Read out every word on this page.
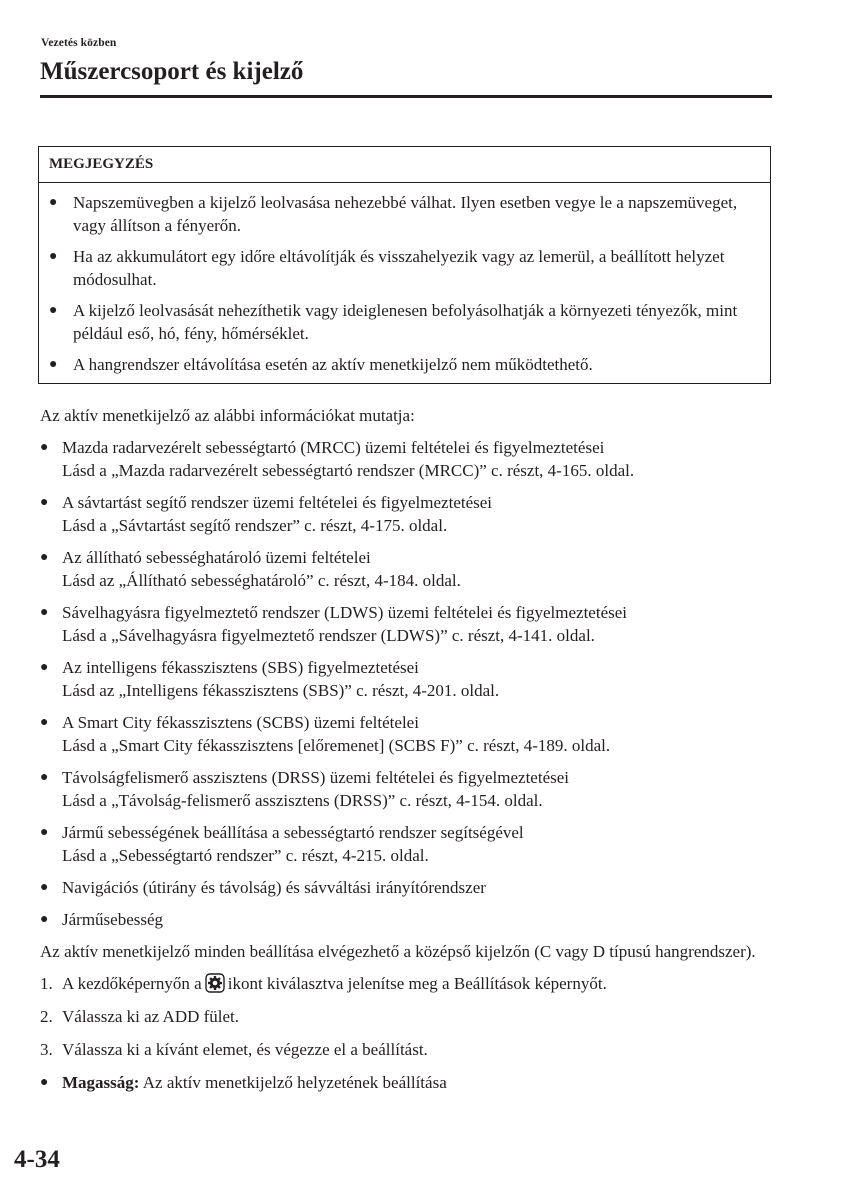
Vezetés közben
Műszercsoport és kijelző
MEGJEGYZÉS
● Napszemüvegben a kijelző leolvasása nehezebbé válhat. Ilyen esetben vegye le a napszemüveget, vagy állítson a fényerőn.
● Ha az akkumulátort egy időre eltávolítják és visszahelyezik vagy az lemerül, a beállított helyzet módosulhat.
● A kijelző leolvasását nehezíthetik vagy ideiglenesen befolyásolhatják a környezeti tényezők, mint például eső, hó, fény, hőmérséklet.
● A hangrendszer eltávolítása esetén az aktív menetkijelző nem működtethető.

Az aktív menetkijelző az alábbi információkat mutatja:

● Mazda radarvezérelt sebességtartó (MRCC) üzemi feltételei és figyelmeztetései
Lásd a „Mazda radarvezérelt sebességtartó rendszer (MRCC)” c. részt, 4-165. oldal.
● A sávtartást segítő rendszer üzemi feltételei és figyelmeztetései
Lásd a „Sávtartást segítő rendszer” c. részt, 4-175. oldal.
● Az állítható sebességhatároló üzemi feltételei
Lásd az „Állítható sebességhatároló” c. részt, 4-184. oldal.
● Sávelhagyásra figyelmeztető rendszer (LDWS) üzemi feltételei és figyelmeztetései
Lásd a „Sávelhagyásra figyelmeztető rendszer (LDWS)” c. részt, 4-141. oldal.
● Az intelligens fékasszisztens (SBS) figyelmeztetései
Lásd az „Intelligens fékasszisztens (SBS)” c. részt, 4-201. oldal.
● A Smart City fékasszisztens (SCBS) üzemi feltételei
Lásd a „Smart City fékasszisztens [előremenet] (SCBS F)” c. részt, 4-189. oldal.
● Távolságfelismerő asszisztens (DRSS) üzemi feltételei és figyelmeztetései
Lásd a „Távolság-felismerő asszisztens (DRSS)” c. részt, 4-154. oldal.
● Jármű sebességének beállítása a sebességtartó rendszer segítségével
Lásd a „Sebességtartó rendszer” c. részt, 4-215. oldal.
● Navigációs (útirány és távolság) és sávváltási irányítórendszer
● Járműsebesség

Az aktív menetkijelző minden beállítása elvégezhető a középső kijelzőn (C vagy D típusú hangrendszer).

1. A kezdőképernyőn a ikont kiválasztva jelenítse meg a Beállítások képernyőt.
2. Válassza ki az ADD fület.
3. Válassza ki a kívánt elemet, és végezze el a beállítást.
● Magasság: Az aktív menetkijelző helyzetének beállítása
4-34
